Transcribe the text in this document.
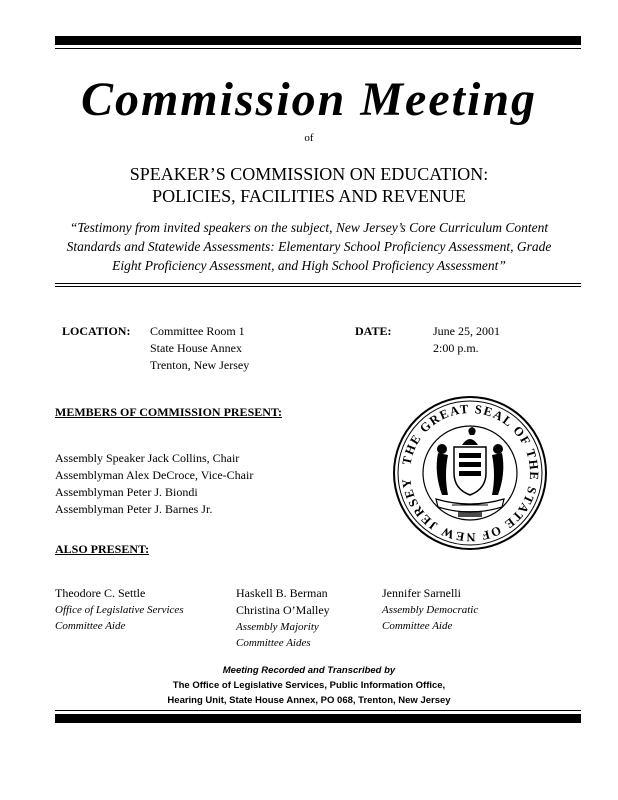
Commission Meeting
of
SPEAKER’S COMMISSION ON EDUCATION:
POLICIES, FACILITIES AND REVENUE
“Testimony from invited speakers on the subject, New Jersey’s Core Curriculum Content
Standards and Statewide Assessments: Elementary School Proficiency Assessment, Grade
Eight Proficiency Assessment, and High School Proficiency Assessment”
LOCATION: Committee Room 1
State House Annex
Trenton, New Jersey
DATE:	June 25, 2001
2:00 p.m.
MEMBERS OF COMMISSION PRESENT:
Assembly Speaker Jack Collins, Chair
Assemblyman Alex DeCroce, Vice-Chair
Assemblyman Peter J. Biondi
Assemblyman Peter J. Barnes Jr.
THE GREAT SEAL OF THE STATE OF NEW JERSEY
ALSO PRESENT:
Theodore C. Settle
Office of Legislative Services
Committee Aide
Haskell B. Berman
Christina O’Malley
Assembly Majority
Committee Aides
Jennifer Sarnelli
Assembly Democratic
Committee Aide
Meeting Recorded and Transcribed by
The Office of Legislative Services, Public Information Office,
Hearing Unit, State House Annex, PO 068, Trenton, New Jersey
